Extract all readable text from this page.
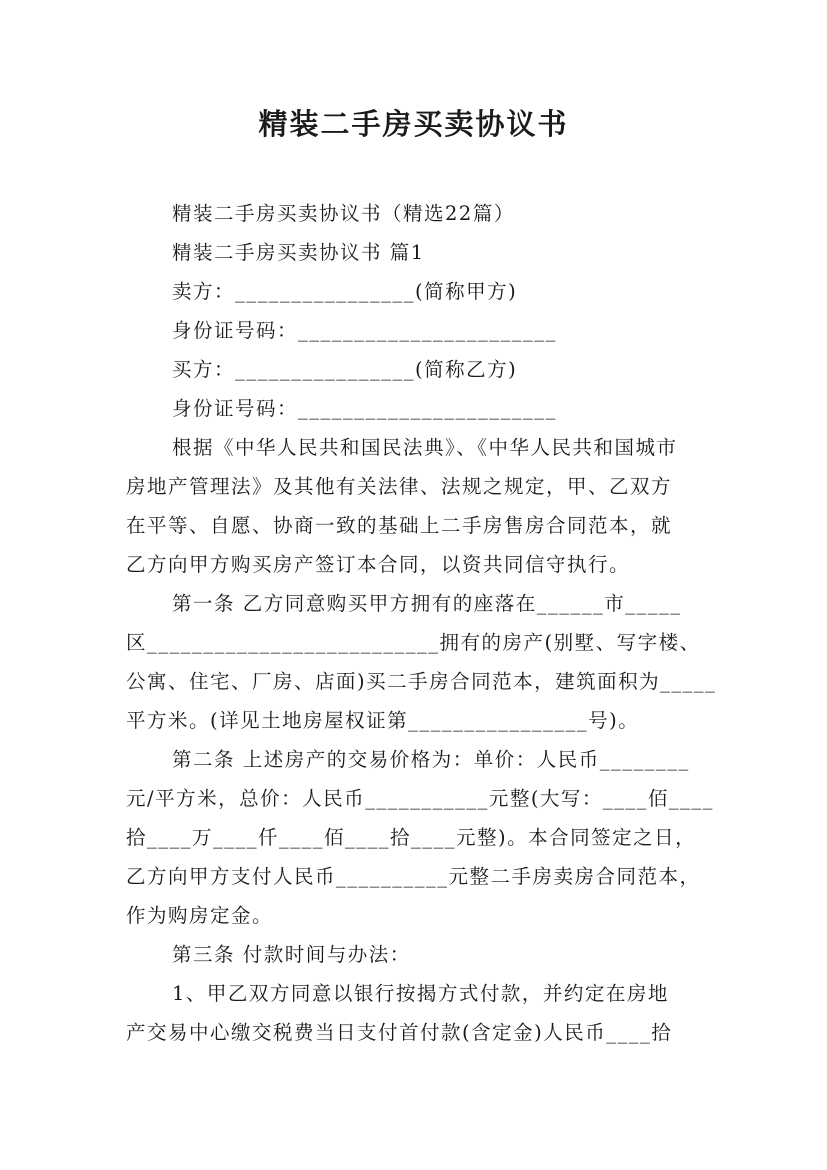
精装二手房买卖协议书

精装二手房买卖协议书（精选22篇）

精装二手房买卖协议书 篇1

卖方：________________(简称甲方)

身份证号码：_______________________

买方：________________(简称乙方)

身份证号码：_______________________

根据《中华人民共和国民法典》、《中华人民共和国城市

房地产管理法》及其他有关法律、法规之规定，甲、乙双方

在平等、自愿、协商一致的基础上二手房售房合同范本，就

乙方向甲方购买房产签订本合同，以资共同信守执行。

第一条 乙方同意购买甲方拥有的座落在______市_____

区__________________________拥有的房产(别墅、写字楼、

公寓、住宅、厂房、店面)买二手房合同范本，建筑面积为_____

平方米。(详见土地房屋权证第________________号)。

第二条 上述房产的交易价格为：单价：人民币________

元/平方米，总价：人民币___________元整(大写：____佰____

拾____万____仟____佰____拾____元整)。本合同签定之日，

乙方向甲方支付人民币__________元整二手房卖房合同范本，

作为购房定金。

第三条 付款时间与办法：

1、甲乙双方同意以银行按揭方式付款，并约定在房地

产交易中心缴交税费当日支付首付款(含定金)人民币____拾
